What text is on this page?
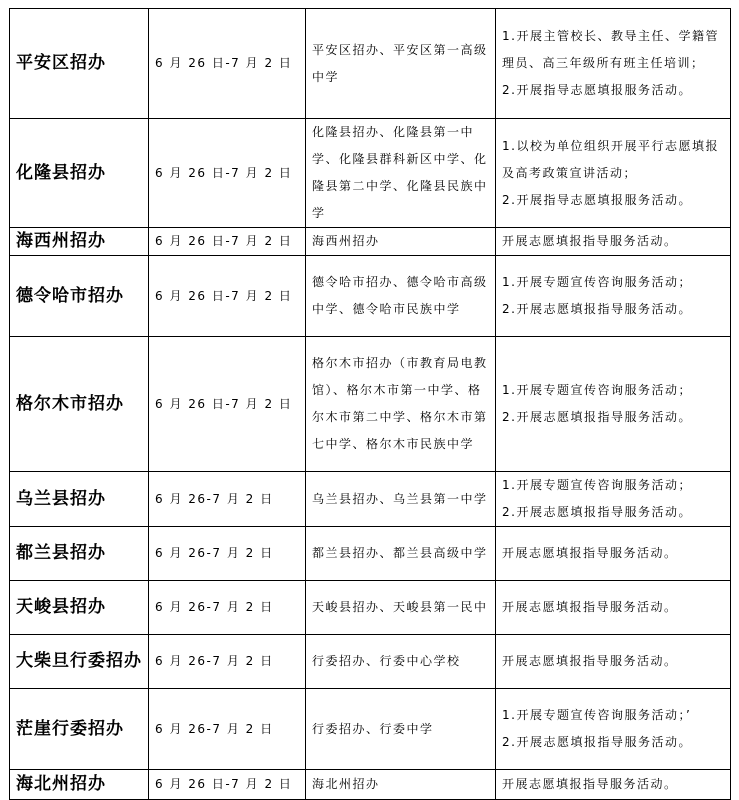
平安区招办	6 月 26 日-7 月 2 日	平安区招办、平安区第一高级中学	1.开展主管校长、教导主任、学籍管理员、高三年级所有班主任培训；
2.开展指导志愿填报服务活动。

化隆县招办	6 月 26 日-7 月 2 日	化隆县招办、化隆县第一中学、化隆县群科新区中学、化隆县第二中学、化隆县民族中学	1.以校为单位组织开展平行志愿填报及高考政策宣讲活动；
2.开展指导志愿填报服务活动。

海西州招办	6 月 26 日-7 月 2 日	海西州招办	开展志愿填报指导服务活动。

德令哈市招办	6 月 26 日-7 月 2 日	德令哈市招办、德令哈市高级中学、德令哈市民族中学	1.开展专题宣传咨询服务活动；
2.开展志愿填报指导服务活动。

格尔木市招办	6 月 26 日-7 月 2 日	格尔木市招办（市教育局电教馆）、格尔木市第一中学、格尔木市第二中学、格尔木市第七中学、格尔木市民族中学	1.开展专题宣传咨询服务活动；
2.开展志愿填报指导服务活动。

乌兰县招办	6 月 26-7 月 2 日	乌兰县招办、乌兰县第一中学	1.开展专题宣传咨询服务活动；
2.开展志愿填报指导服务活动。

都兰县招办	6 月 26-7 月 2 日	都兰县招办、都兰县高级中学	开展志愿填报指导服务活动。

天峻县招办	6 月 26-7 月 2 日	天峻县招办、天峻县第一民中	开展志愿填报指导服务活动。

大柴旦行委招办	6 月 26-7 月 2 日	行委招办、行委中心学校	开展志愿填报指导服务活动。

茫崖行委招办	6 月 26-7 月 2 日	行委招办、行委中学	1.开展专题宣传咨询服务活动；’
2.开展志愿填报指导服务活动。

海北州招办	6 月 26 日-7 月 2 日	海北州招办	开展志愿填报指导服务活动。
